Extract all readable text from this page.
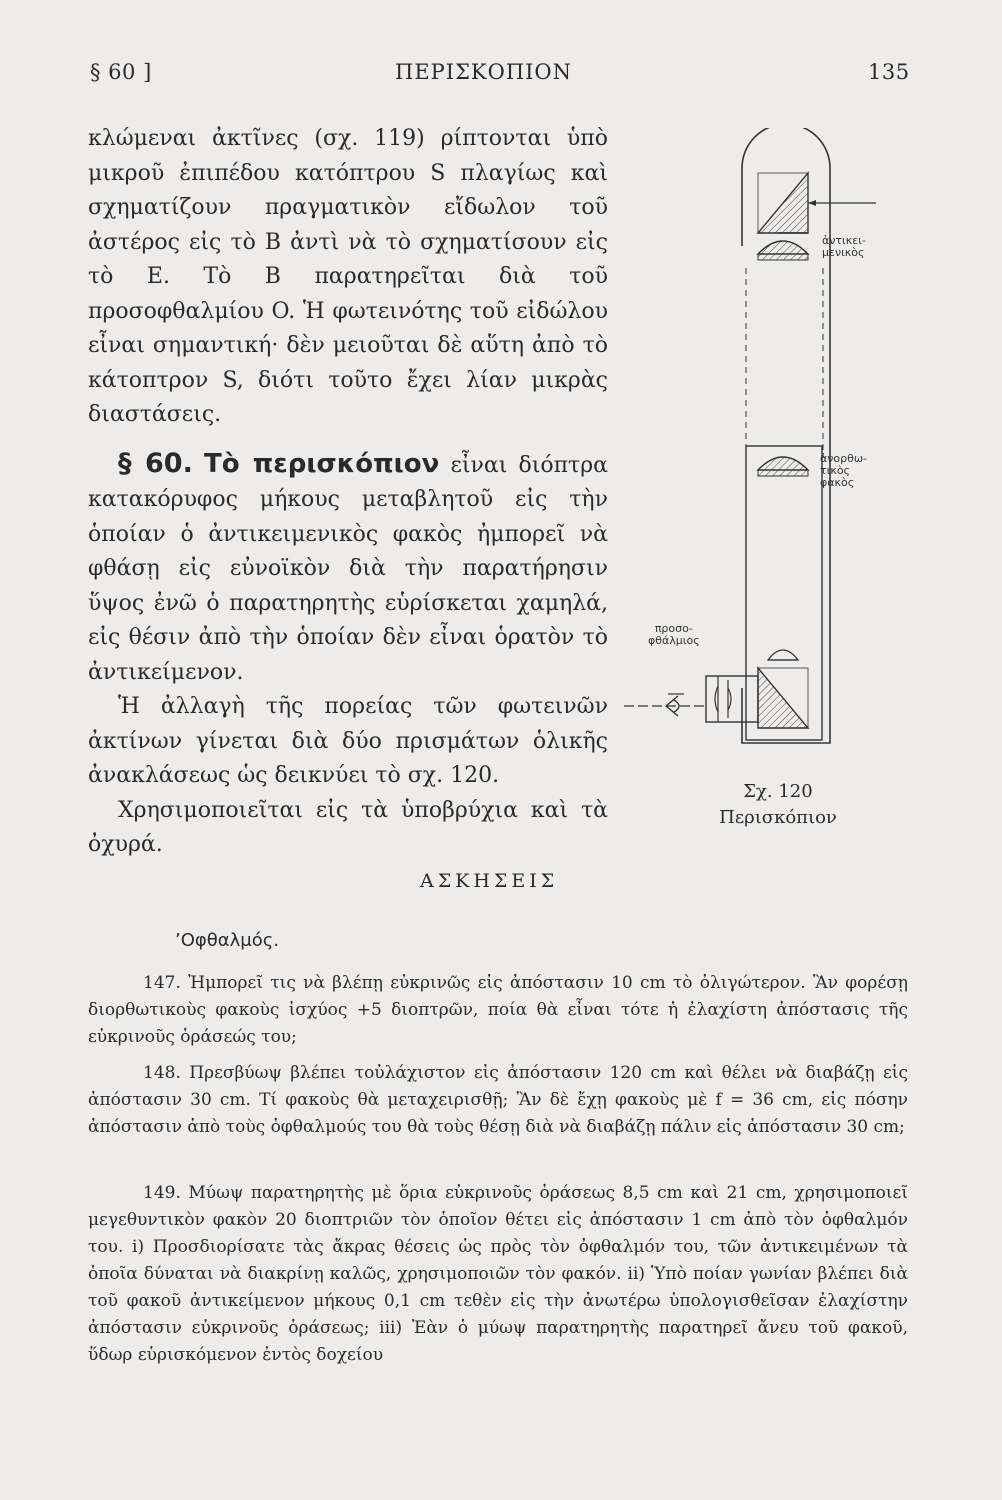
§ 60 ]	ΠΕΡΙΣΚΟΠΙΟΝ	135

κλώμεναι ἀκτῖνες (σχ. 119) ρίπτονται ὑπὸ μικροῦ ἐπιπέδου κατόπτρου S πλαγίως καὶ σχηματίζουν πραγματικὸν εἴδωλον τοῦ ἀστέρος εἰς τὸ B ἀντὶ νὰ τὸ σχηματίσουν εἰς τὸ E. Τὸ B παρατηρεῖται διὰ τοῦ προσοφθαλμίου O. Ἡ φωτεινότης τοῦ εἰδώλου εἶναι σημαντική· δὲν μειοῦται δὲ αὕτη ἀπὸ τὸ κάτοπτρον S, διότι τοῦτο ἔχει λίαν μικρὰς διαστάσεις.

§ 60. Τὸ περισκόπιον εἶναι διόπτρα κατακόρυφος μήκους μεταβλητοῦ εἰς τὴν ὁποίαν ὁ ἀντικειμενικὸς φακὸς ἠμπορεῖ νὰ φθάσῃ εἰς εὐνοϊκὸν διὰ τὴν παρατήρησιν ὕψος ἐνῶ ὁ παρατηρητὴς εὑρίσκεται χαμηλά, εἰς θέσιν ἀπὸ τὴν ὁποίαν δὲν εἶναι ὁρατὸν τὸ ἀντικείμενον.

Ἡ ἀλλαγὴ τῆς πορείας τῶν φωτεινῶν ἀκτίνων γίνεται διὰ δύο πρισμάτων ὁλικῆς ἀνακλάσεως ὡς δεικνύει τὸ σχ. 120.

Χρησιμοποιεῖται εἰς τὰ ὑποβρύχια καὶ τὰ ὀχυρά.

ἀντικει-
μενικὸς
ἀνορθω-
τικὸς
φακὸς
προσο-
φθάλμιος
Σχ. 120
Περισκόπιον
ΑΣΚΗΣΕΙΣ
’Οφθαλμός.
147. Ἠμπορεῖ τις νὰ βλέπῃ εὐκρινῶς εἰς ἀπόστασιν 10 cm τὸ ὀλιγώτερον. Ἂν φορέσῃ διορθωτικοὺς φακοὺς ἰσχύος +5 διοπτρῶν, ποία θὰ εἶναι τότε ἡ ἐλαχίστη ἀπόστασις τῆς εὐκρινοῦς ὁράσεώς του;
148. Πρεσβύωψ βλέπει τοὐλάχιστον εἰς ἀπόστασιν 120 cm καὶ θέλει νὰ διαβάζῃ εἰς ἀπόστασιν 30 cm. Τί φακοὺς θὰ μεταχειρισθῇ; Ἂν δὲ ἔχῃ φακοὺς μὲ f = 36 cm, εἰς πόσην ἀπόστασιν ἀπὸ τοὺς ὀφθαλμούς του θὰ τοὺς θέσῃ διὰ νὰ διαβάζῃ πάλιν εἰς ἀπόστασιν 30 cm;
149. Μύωψ παρατηρητὴς μὲ ὅρια εὐκρινοῦς ὁράσεως 8,5 cm καὶ 21 cm, χρησιμοποιεῖ μεγεθυντικὸν φακὸν 20 διοπτριῶν τὸν ὁποῖον θέτει εἰς ἀπόστασιν 1 cm ἀπὸ τὸν ὀφθαλμόν του. i) Προσδιορίσατε τὰς ἄκρας θέσεις ὡς πρὸς τὸν ὀφθαλμόν του, τῶν ἀντικειμένων τὰ ὁποῖα δύναται νὰ διακρίνῃ καλῶς, χρησιμοποιῶν τὸν φακόν. ii) Ὑπὸ ποίαν γωνίαν βλέπει διὰ τοῦ φακοῦ ἀντικείμενον μήκους 0,1 cm τεθὲν εἰς τὴν ἀνωτέρω ὑπολογισθεῖσαν ἐλαχίστην ἀπόστασιν εὐκρινοῦς ὁράσεως; iii) Ἐὰν ὁ μύωψ παρατηρητὴς παρατηρεῖ ἄνευ τοῦ φακοῦ, ὕδωρ εὑρισκόμενον ἐντὸς δοχείου
